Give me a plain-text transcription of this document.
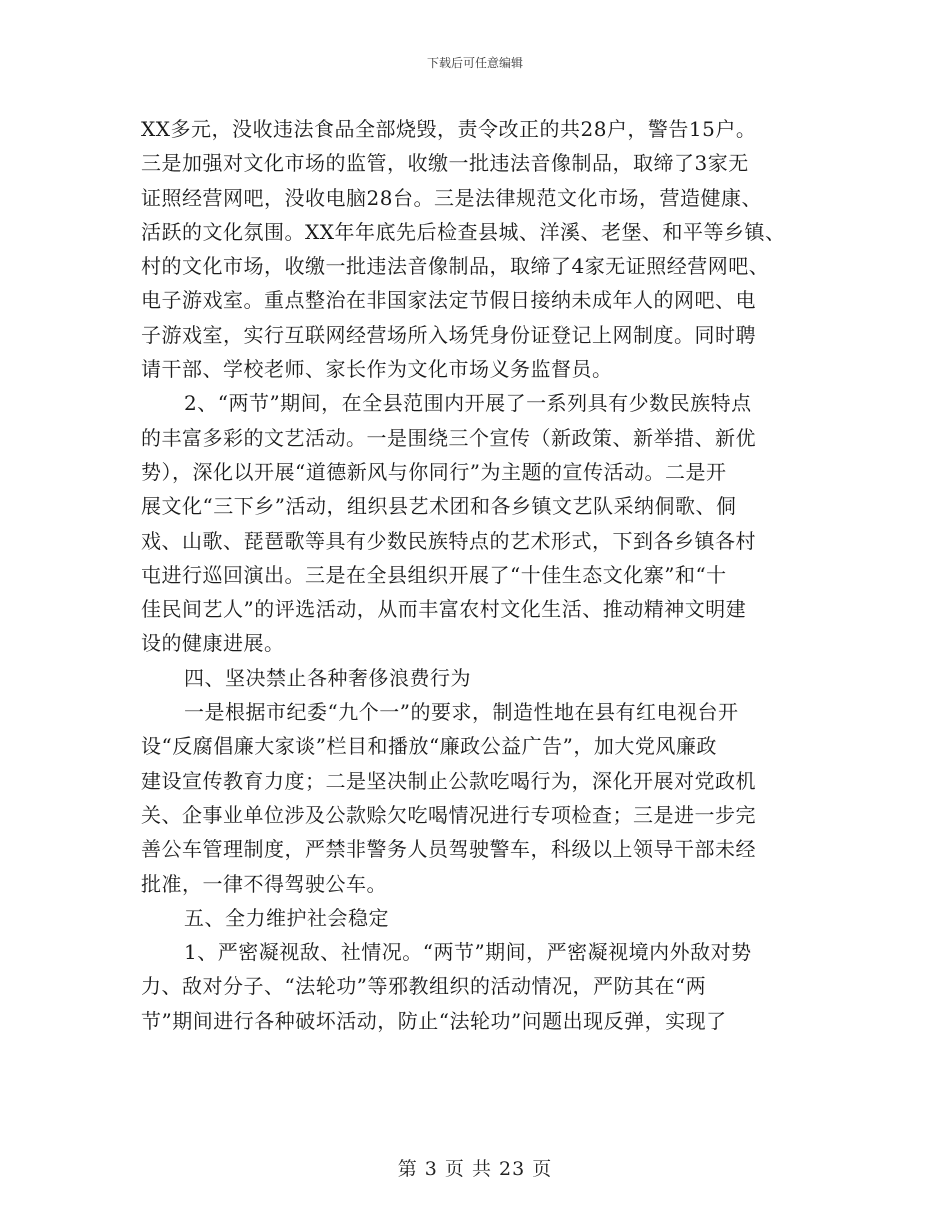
下载后可任意编辑
XX多元，没收违法食品全部烧毁，责令改正的共28户，警告15户。
三是加强对文化市场的监管，收缴一批违法音像制品，取缔了3家无
证照经营网吧，没收电脑28台。三是法律规范文化市场，营造健康、
活跃的文化氛围。XX年年底先后检查县城、洋溪、老堡、和平等乡镇、
村的文化市场，收缴一批违法音像制品，取缔了4家无证照经营网吧、
电子游戏室。重点整治在非国家法定节假日接纳未成年人的网吧、电
子游戏室，实行互联网经营场所入场凭身份证登记上网制度。同时聘
请干部、学校老师、家长作为文化市场义务监督员。
2、“两节”期间，在全县范围内开展了一系列具有少数民族特点
的丰富多彩的文艺活动。一是围绕三个宣传（新政策、新举措、新优
势），深化以开展“道德新风与你同行”为主题的宣传活动。二是开
展文化“三下乡”活动，组织县艺术团和各乡镇文艺队采纳侗歌、侗
戏、山歌、琵琶歌等具有少数民族特点的艺术形式，下到各乡镇各村
屯进行巡回演出。三是在全县组织开展了“十佳生态文化寨”和“十
佳民间艺人”的评选活动，从而丰富农村文化生活、推动精神文明建
设的健康进展。
四、坚决禁止各种奢侈浪费行为
一是根据市纪委“九个一”的要求，制造性地在县有红电视台开
设“反腐倡廉大家谈”栏目和播放“廉政公益广告”，加大党风廉政
建设宣传教育力度；二是坚决制止公款吃喝行为，深化开展对党政机
关、企事业单位涉及公款赊欠吃喝情况进行专项检查；三是进一步完
善公车管理制度，严禁非警务人员驾驶警车，科级以上领导干部未经
批准，一律不得驾驶公车。
五、全力维护社会稳定
1、严密凝视敌、社情况。“两节”期间，严密凝视境内外敌对势
力、敌对分子、“法轮功”等邪教组织的活动情况，严防其在“两
节”期间进行各种破坏活动，防止“法轮功”问题出现反弹，实现了
第 3 页 共 23 页
